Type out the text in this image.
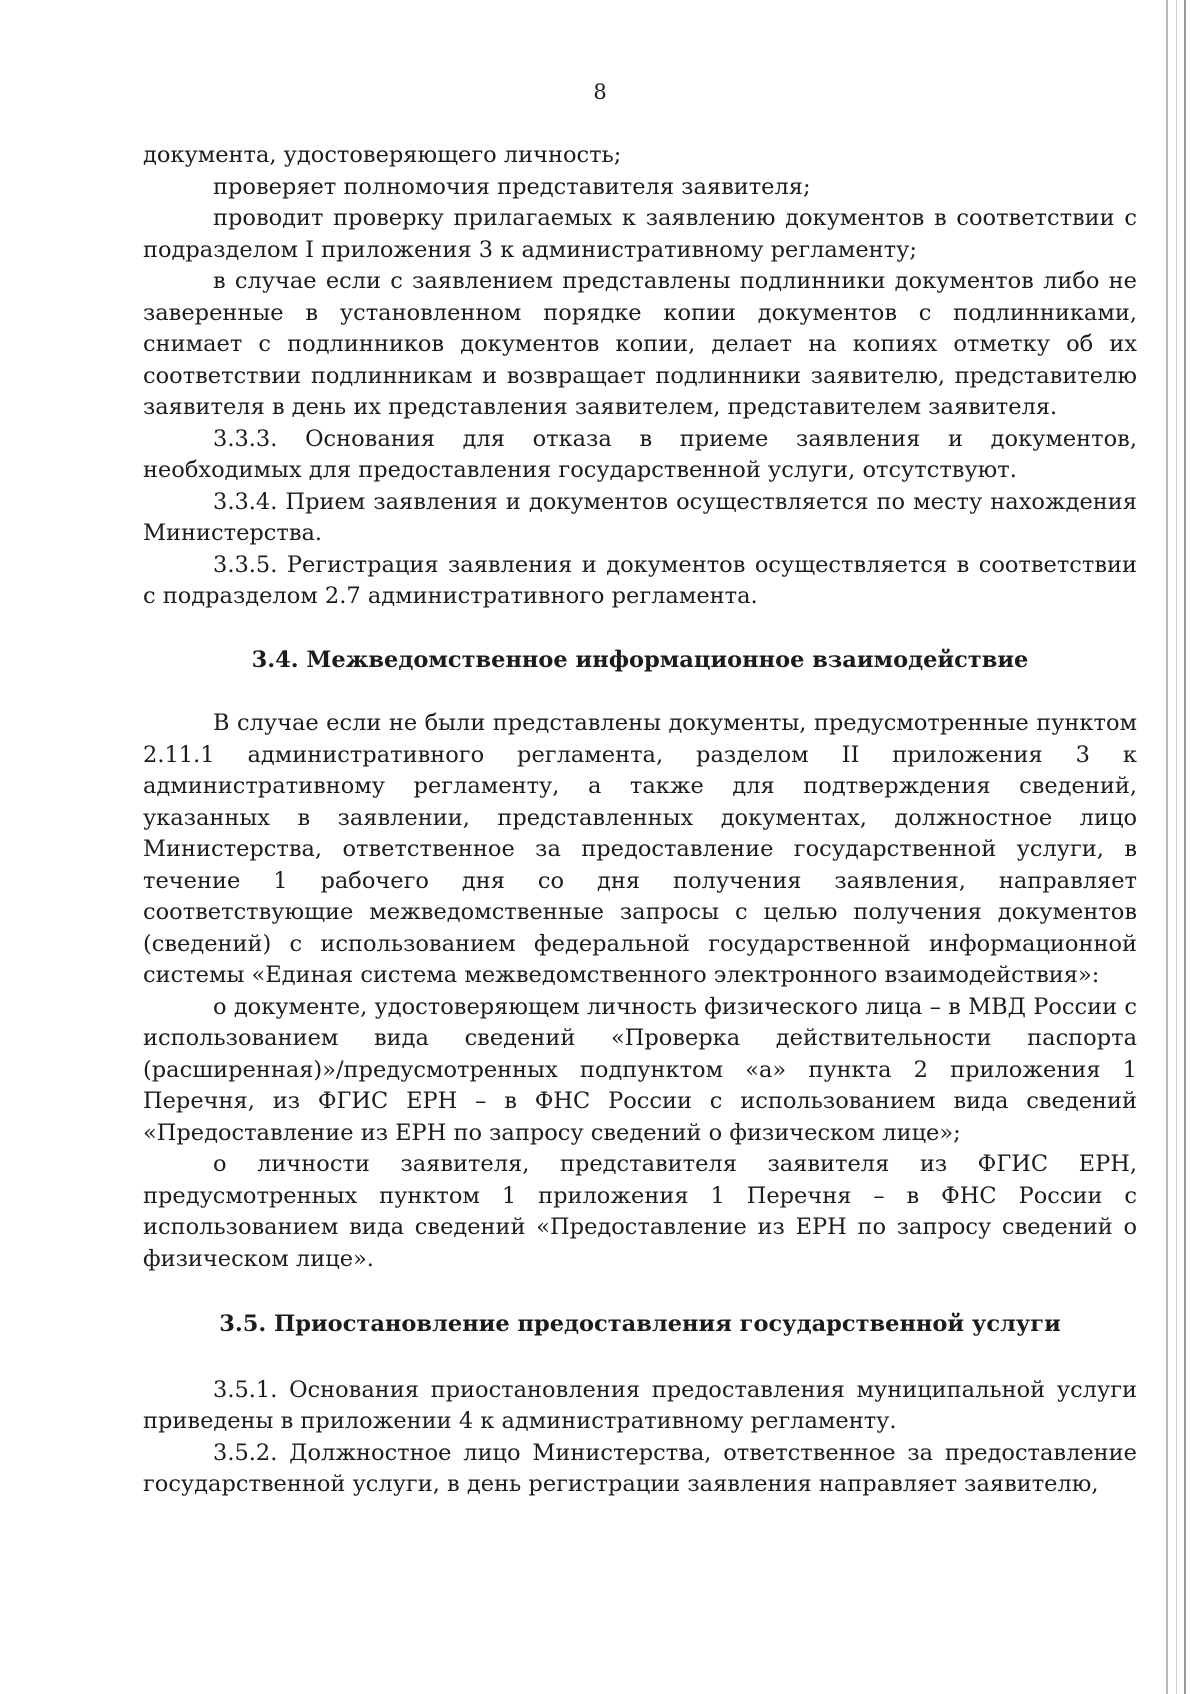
8

документа, удостоверяющего личность;

проверяет полномочия представителя заявителя;

проводит проверку прилагаемых к заявлению документов в соответствии с подразделом I приложения 3 к административному регламенту;

в случае если с заявлением представлены подлинники документов либо не заверенные в установленном порядке копии документов с подлинниками, снимает с подлинников документов копии, делает на копиях отметку об их соответствии подлинникам и возвращает подлинники заявителю, представителю заявителя в день их представления заявителем, представителем заявителя.

3.3.3. Основания для отказа в приеме заявления и документов, необходимых для предоставления государственной услуги, отсутствуют.

3.3.4. Прием заявления и документов осуществляется по месту нахождения Министерства.

3.3.5. Регистрация заявления и документов осуществляется в соответствии с подразделом 2.7 административного регламента.

3.4. Межведомственное информационное взаимодействие

В случае если не были представлены документы, предусмотренные пунктом 2.11.1 административного регламента, разделом II приложения 3 к административному регламенту, а также для подтверждения сведений, указанных в заявлении, представленных документах, должностное лицо Министерства, ответственное за предоставление государственной услуги, в течение 1 рабочего дня со дня получения заявления, направляет соответствующие межведомственные запросы с целью получения документов (сведений) с использованием федеральной государственной информационной системы «Единая система межведомственного электронного взаимодействия»:

о документе, удостоверяющем личность физического лица – в МВД России с использованием вида сведений «Проверка действительности паспорта (расширенная)»/предусмотренных подпунктом «а» пункта 2 приложения 1 Перечня, из ФГИС ЕРН – в ФНС России с использованием вида сведений «Предоставление из ЕРН по запросу сведений о физическом лице»;

о личности заявителя, представителя заявителя из ФГИС ЕРН, предусмотренных пунктом 1 приложения 1 Перечня – в ФНС России с использованием вида сведений «Предоставление из ЕРН по запросу сведений о физическом лице».

3.5. Приостановление предоставления государственной услуги

3.5.1. Основания приостановления предоставления муниципальной услуги приведены в приложении 4 к административному регламенту.

3.5.2. Должностное лицо Министерства, ответственное за предоставление государственной услуги, в день регистрации заявления направляет заявителю,
